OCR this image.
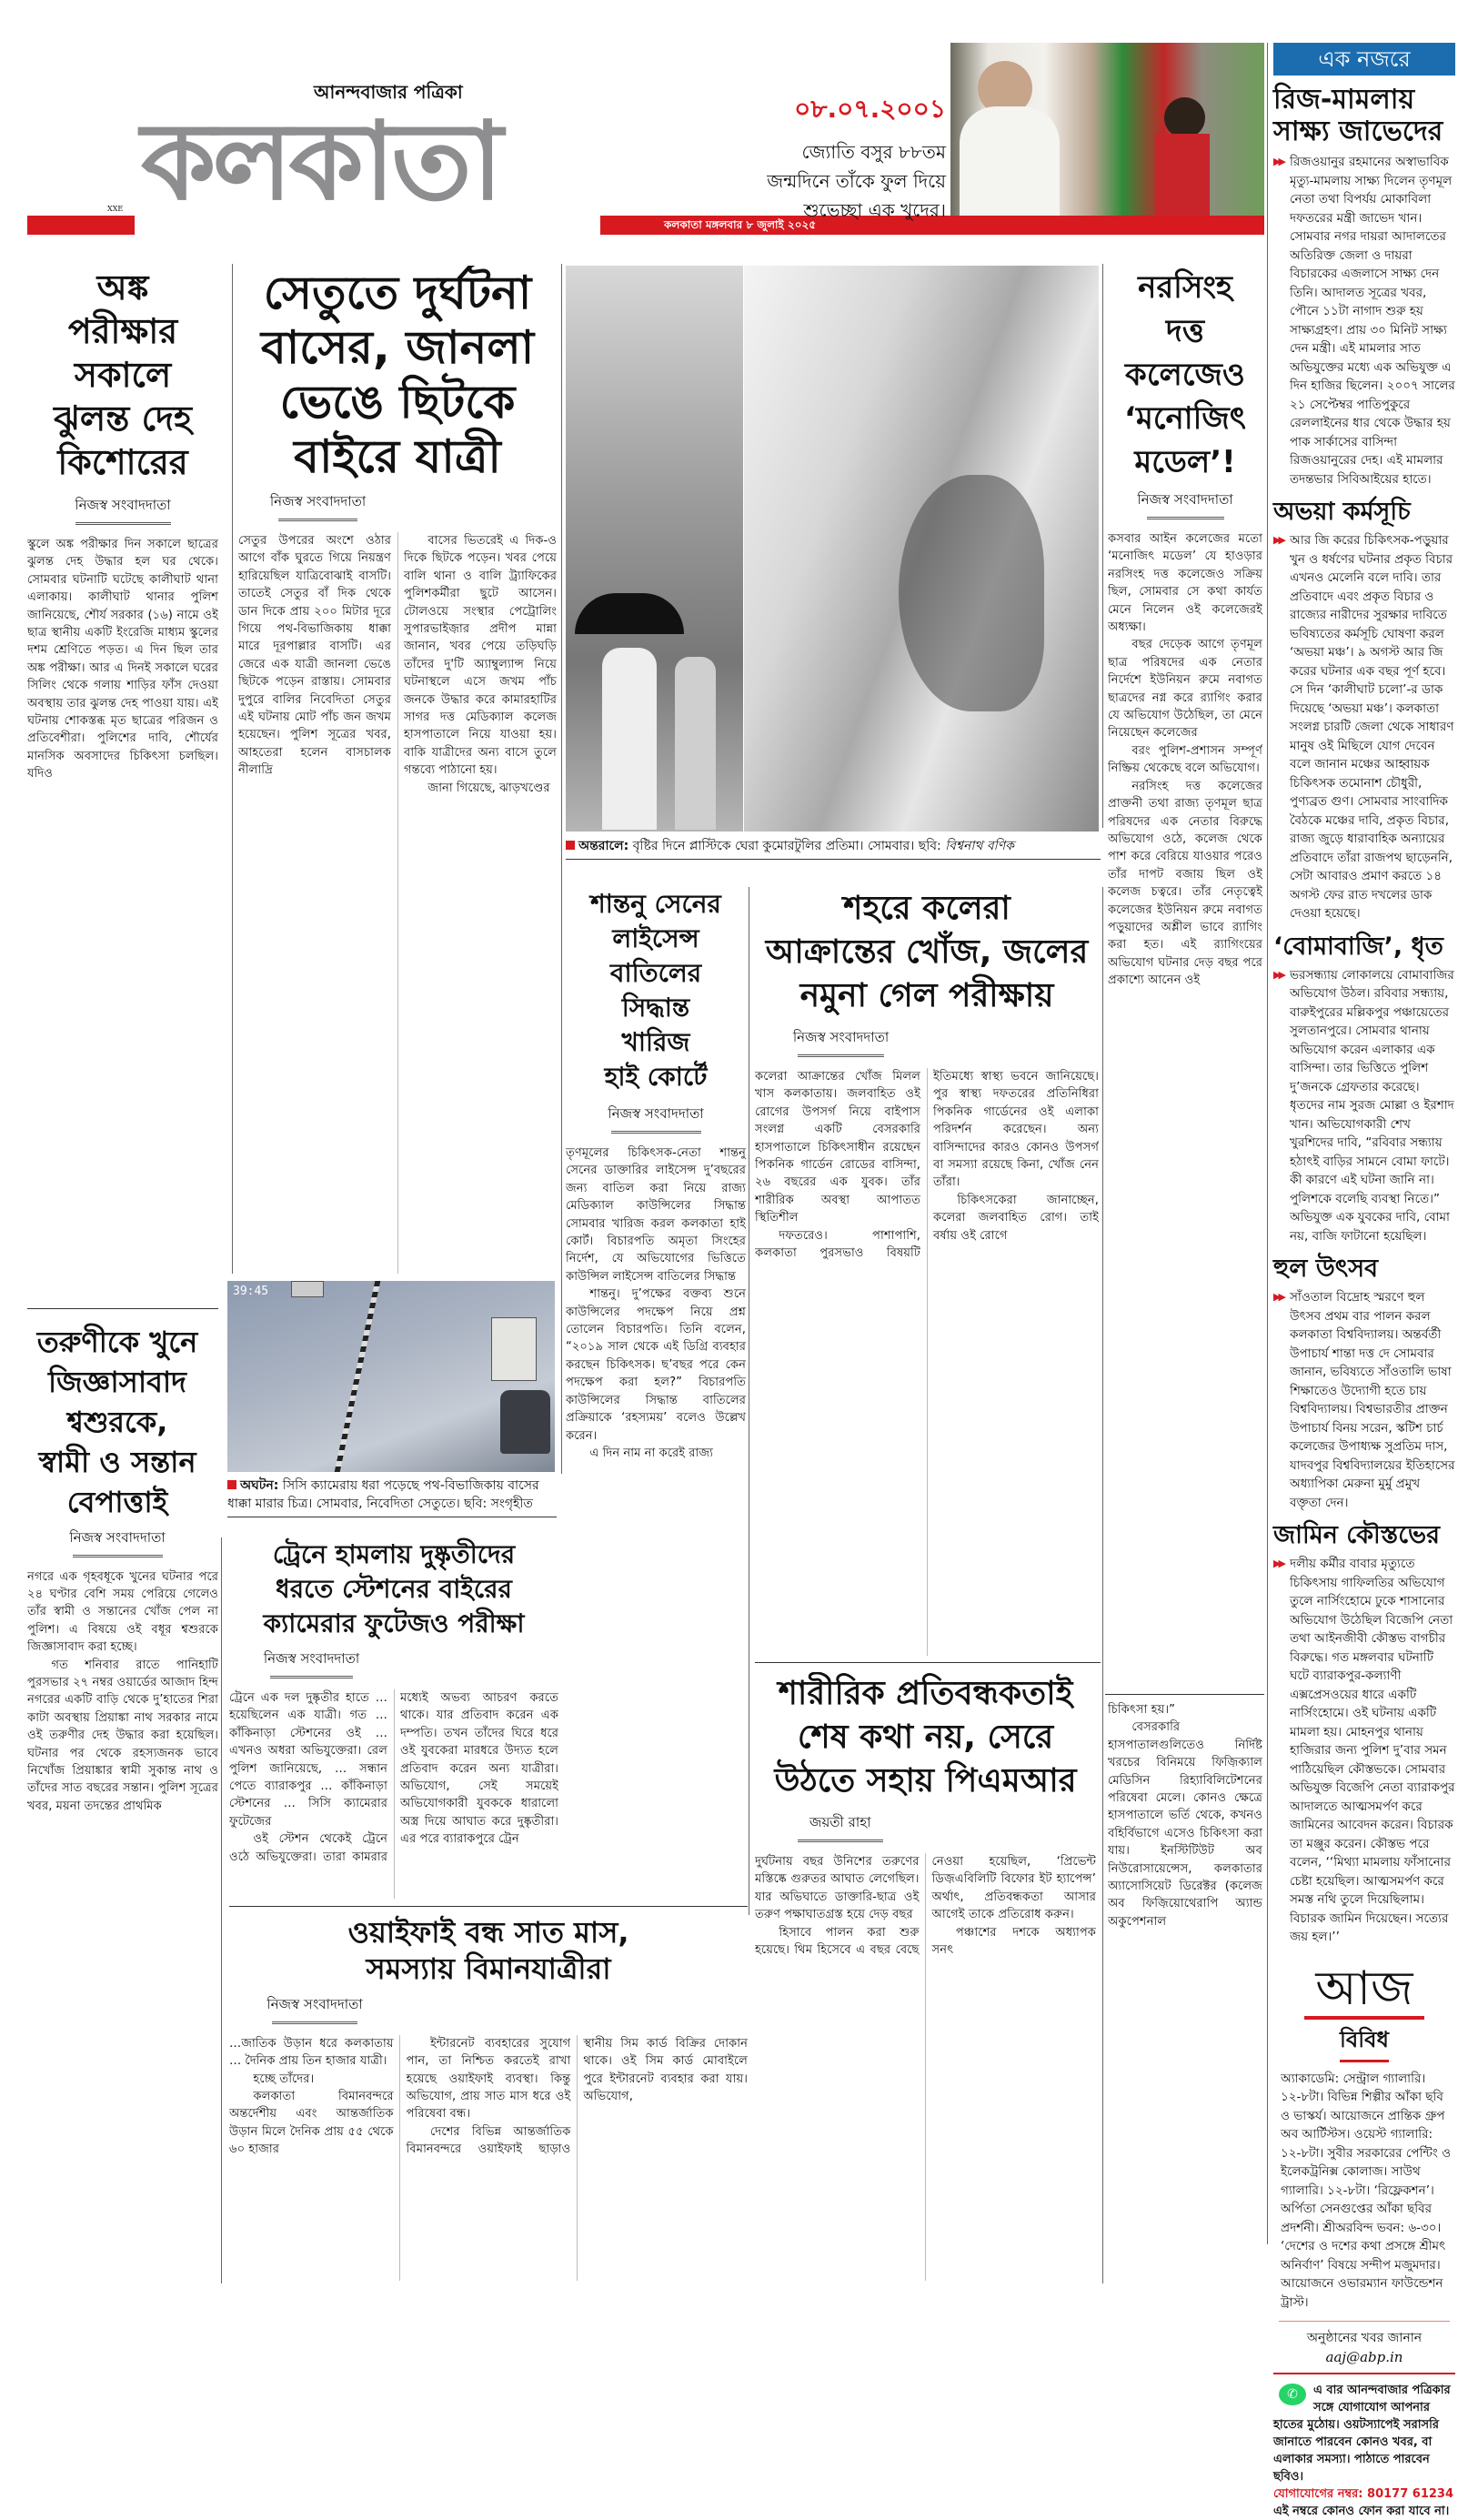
আনন্দবাজার পত্রিকা
কলকাতা
XXE
কলকাতা মঙ্গলবার ৮ জুলাই ২০২৫
০৮.০৭.২০০১
জ্যোতি বসুর ৮৮তম
জন্মদিনে তাঁকে ফুল দিয়ে
শুভেচ্ছা এক খুদের।
অঙ্ক
পরীক্ষার
সকালে
ঝুলন্ত দেহ
কিশোরের
নিজস্ব সংবাদদাতা

স্কুলে অঙ্ক পরীক্ষার দিন সকালে ছাত্রের ঝুলন্ত দেহ উদ্ধার হল ঘর থেকে। সোমবার ঘটনাটি ঘটেছে কালীঘাট থানা এলাকায়। কালীঘাট থানার পুলিশ জানিয়েছে, শৌর্য সরকার (১৬) নামে ওই ছাত্র স্থানীয় একটি ইংরেজি মাধ্যম স্কুলের দশম শ্রেণিতে পড়ত। এ দিন ছিল তার অঙ্ক পরীক্ষা। আর এ দিনই সকালে ঘরের সিলিং থেকে গলায় শাড়ির ফাঁস দেওয়া অবস্থায় তার ঝুলন্ত দেহ পাওয়া যায়। এই ঘটনায় শোকস্তব্ধ মৃত ছাত্রের পরিজন ও প্রতিবেশীরা। পুলিশের দাবি, শৌর্যের মানসিক অবসাদের চিকিৎসা চলছিল। যদিও

তরুণীকে খুনে
জিজ্ঞাসাবাদ
শ্বশুরকে,
স্বামী ও সন্তান
বেপাত্তাই
নিজস্ব সংবাদদাতা

নগরে এক গৃহবধূকে খুনের ঘটনার পরে ২৪ ঘণ্টার বেশি সময় পেরিয়ে গেলেও তাঁর স্বামী ও সন্তানের খোঁজ পেল না পুলিশ। এ বিষয়ে ওই বধূর শ্বশুরকে জিজ্ঞাসাবাদ করা হচ্ছে।

গত শনিবার রাতে পানিহাটি পুরসভার ২৭ নম্বর ওয়ার্ডের আজাদ হিন্দ নগরের একটি বাড়ি থেকে দু’হাতের শিরা কাটা অবস্থায় প্রিয়াঙ্কা নাথ সরকার নামে ওই তরুণীর দেহ উদ্ধার করা হয়েছিল। ঘটনার পর থেকে রহস্যজনক ভাবে নিখোঁজ প্রিয়াঙ্কার স্বামী সুকান্ত নাথ ও তাঁদের সাত বছরের সন্তান। পুলিশ সূত্রের খবর, ময়না তদন্তের প্রাথমিক

সেতুতে দুর্ঘটনা
বাসের, জানলা
ভেঙে ছিটকে
বাইরে যাত্রী
নিজস্ব সংবাদদাতা

সেতুর উপরের অংশে ওঠার আগে বাঁক ঘুরতে গিয়ে নিয়ন্ত্রণ হারিয়েছিল যাত্রিবোঝাই বাসটি। তাতেই সেতুর বাঁ দিক থেকে ডান দিকে প্রায় ২০০ মিটার দূরে গিয়ে পথ-বিভাজিকায় ধাক্কা মারে দূরপাল্লার বাসটি। এর জেরে এক যাত্রী জানলা ভেঙে ছিটকে পড়েন রাস্তায়। সোমবার দুপুরে বালির নিবেদিতা সেতুর এই ঘটনায় মোট পাঁচ জন জখম হয়েছেন। পুলিশ সূত্রের খবর, আহতেরা হলেন বাসচালক নীলাদ্রি

বাসের ভিতরেই এ দিক-ও দিকে ছিটকে পড়েন। খবর পেয়ে বালি থানা ও বালি ট্র্যাফিকের পুলিশকর্মীরা ছুটে আসেন। টোলওয়ে সংস্থার পেট্রোলিং সুপারভাইজ়ার প্রদীপ মান্না জানান, খবর পেয়ে তড়িঘড়ি তাঁদের দু'টি অ্যাম্বুল্যান্স নিয়ে ঘটনাস্থলে এসে জখম পাঁচ জনকে উদ্ধার করে কামারহাটির সাগর দত্ত মেডিক্যাল কলেজ হাসপাতালে নিয়ে যাওয়া হয়। বাকি যাত্রীদের অন্য বাসে তুলে গন্তব্যে পাঠানো হয়।

জানা গিয়েছে, ঝাড়খণ্ডের

39:45
অঘটন: সিসি ক্যামেরায় ধরা পড়েছে পথ-বিভাজিকায় বাসের ধাক্কা মারার চিত্র। সোমবার, নিবেদিতা সেতুতে। ছবি: সংগৃহীত
ট্রেনে হামলায় দুষ্কৃতীদের
ধরতে স্টেশনের বাইরের
ক্যামেরার ফুটেজও পরীক্ষা
নিজস্ব সংবাদদাতা

ট্রেনে এক দল দুষ্কৃতীর হাতে … হয়েছিলেন এক যাত্রী। গত … কাঁকিনাড়া স্টেশনের ওই … এখনও অধরা অভিযুক্তেরা। রেল পুলিশ জানিয়েছে, … সন্ধান পেতে ব্যারাকপুর … কাঁকিনাড়া স্টেশনের … সিসি ক্যামেরার ফুটেজের

ওই স্টেশন থেকেই ট্রেনে ওঠে অভিযুক্তেরা। তারা কামরার মধ্যেই অভব্য আচরণ করতে থাকে। যার প্রতিবাদ করেন এক দম্পতি। তখন তাঁদের ঘিরে ধরে ওই যুবকেরা মারধরে উদ্যত হলে প্রতিবাদ করেন অন্য যাত্রীরা। অভিযোগ, সেই সময়েই অভিযোগকারী যুবককে ধারালো অস্ত্র দিয়ে আঘাত করে দুষ্কৃতীরা। এর পরে ব্যারাকপুরে ট্রেন

ওয়াইফাই বন্ধ সাত মাস,
সমস্যায় বিমানযাত্রীরা
নিজস্ব সংবাদদাতা

…জাতিক উড়ান ধরে কলকাতায় … দৈনিক প্রায় তিন হাজার যাত্রী।

হচ্ছে তাঁদের।

কলকাতা বিমানবন্দরে অন্তর্দেশীয় এবং আন্তর্জাতিক উড়ান মিলে দৈনিক প্রায় ৫৫ থেকে ৬০ হাজার

ইন্টারনেট ব্যবহারের সুযোগ পান, তা নিশ্চিত করতেই রাখা হয়েছে ওয়াইফাই ব্যবস্থা। কিন্তু অভিযোগ, প্রায় সাত মাস ধরে ওই পরিষেবা বন্ধ।

দেশের বিভিন্ন আন্তর্জাতিক বিমানবন্দরে ওয়াইফাই ছাড়াও স্থানীয় সিম কার্ড বিক্রির দোকান থাকে। ওই সিম কার্ড মোবাইলে পুরে ইন্টারনেট ব্যবহার করা যায়। অভিযোগ,

অন্তরালে: বৃষ্টির দিনে প্লাস্টিকে ঘেরা কুমোরটুলির প্রতিমা। সোমবার। ছবি: বিশ্বনাথ বণিক
শান্তনু সেনের
লাইসেন্স
বাতিলের
সিদ্ধান্ত
খারিজ
হাই কোর্টে
নিজস্ব সংবাদদাতা

তৃণমূলের চিকিৎসক-নেতা শান্তনু সেনের ডাক্তারির লাইসেন্স দু’বছরের জন্য বাতিল করা নিয়ে রাজ্য মেডিক্যাল কাউন্সিলের সিদ্ধান্ত সোমবার খারিজ করল কলকাতা হাই কোর্ট। বিচারপতি অমৃতা সিংহের নির্দেশ, যে অভিযোগের ভিত্তিতে কাউন্সিল লাইসেন্স বাতিলের সিদ্ধান্ত

শান্তনু। দু’পক্ষের বক্তব্য শুনে কাউন্সিলের পদক্ষেপ নিয়ে প্রশ্ন তোলেন বিচারপতি। তিনি বলেন, “২০১৯ সাল থেকে এই ডিগ্রি ব্যবহার করছেন চিকিৎসক। ছ’বছর পরে কেন পদক্ষেপ করা হল?” বিচারপতি কাউন্সিলের সিদ্ধান্ত বাতিলের প্রক্রিয়াকে ‘রহস্যময়’ বলেও উল্লেখ করেন।

এ দিন নাম না করেই রাজ্য

শহরে কলেরা
আক্রান্তের খোঁজ, জলের
নমুনা গেল পরীক্ষায়
নিজস্ব সংবাদদাতা

কলেরা আক্রান্তের খোঁজ মিলল খাস কলকাতায়। জলবাহিত ওই রোগের উপসর্গ নিয়ে বাইপাস সংলগ্ন একটি বেসরকারি হাসপাতালে চিকিৎসাধীন রয়েছেন পিকনিক গার্ডেন রোডের বাসিন্দা, ২৬ বছরের এক যুবক। তাঁর শারীরিক অবস্থা আপাতত স্থিতিশীল

দফতরেও। পাশাপাশি, কলকাতা পুরসভাও বিষয়টি ইতিমধ্যে স্বাস্থ্য ভবনে জানিয়েছে। পুর স্বাস্থ্য দফতরের প্রতিনিধিরা পিকনিক গার্ডেনের ওই এলাকা পরিদর্শন করেছেন। অন্য বাসিন্দাদের কারও কোনও উপসর্গ বা সমস্যা রয়েছে কিনা, খোঁজ নেন তাঁরা।

চিকিৎসকেরা জানাচ্ছেন, কলেরা জলবাহিত রোগ। তাই বর্ষায় ওই রোগে

নরসিংহ
দত্ত
কলেজেও
‘মনোজিৎ
মডেল’!
নিজস্ব সংবাদদাতা

কসবার আইন কলেজের মতো ‘মনোজিৎ মডেল’ যে হাওড়ার নরসিংহ দত্ত কলেজেও সক্রিয় ছিল, সোমবার সে কথা কার্যত মেনে নিলেন ওই কলেজেরই অধ্যক্ষা।

বছর দেড়েক আগে তৃণমূল ছাত্র পরিষদের এক নেতার নির্দেশে ইউনিয়ন রুমে নবাগত ছাত্রদের নগ্ন করে র‍্যাগিং করার যে অভিযোগ উঠেছিল, তা মেনে নিয়েছেন কলেজের

বরং পুলিশ-প্রশাসন সম্পূর্ণ নিষ্ক্রিয় থেকেছে বলে অভিযোগ।

নরসিংহ দত্ত কলেজের প্রাক্তনী তথা রাজ্য তৃণমূল ছাত্র পরিষদের এক নেতার বিরুদ্ধে অভিযোগ ওঠে, কলেজ থেকে পাশ করে বেরিয়ে যাওয়ার পরেও তাঁর দাপট বজায় ছিল ওই কলেজ চত্বরে। তাঁর নেতৃত্বেই কলেজের ইউনিয়ন রুমে নবাগত পড়ুয়াদের অশ্লীল ভাবে র‍্যাগিং করা হত। এই র‍্যাগিংয়ের অভিযোগ ঘটনার দেড় বছর পরে প্রকাশ্যে আনেন ওই

শারীরিক প্রতিবন্ধকতাই
শেষ কথা নয়, সেরে
উঠতে সহায় পিএমআর
জয়তী রাহা

দুর্ঘটনায় বছর উনিশের তরুণের মস্তিষ্কে গুরুতর আঘাত লেগেছিল। যার অভিঘাতে ডাক্তারি-ছাত্র ওই তরুণ পক্ষাঘাতগ্রস্ত হয়ে দেড় বছর

হিসাবে পালন করা শুরু হয়েছে। থিম হিসেবে এ বছর বেছে নেওয়া হয়েছিল, ‘প্রিভেন্ট ডিজ়এবিলিটি বিফোর ইট হ্যাপেন্স’ অর্থাৎ, প্রতিবন্ধকতা আসার আগেই তাকে প্রতিরোধ করুন।

পঞ্চাশের দশকে অধ্যাপক সনৎ

চিকিৎসা হয়।”

বেসরকারি হাসপাতালগুলিতেও নির্দিষ্ট খরচের বিনিময়ে ফিজ়িক্যাল মেডিসিন রিহ্যাবিলিটেশনের পরিষেবা মেলে। কোনও ক্ষেত্রে হাসপাতালে ভর্তি থেকে, কখনও বহির্বিভাগে এসেও চিকিৎসা করা যায়। ইনস্টিটিউট অব নিউরোসায়েন্সেস, কলকাতার অ্যাসোসিয়েট ডিরেক্টর (কলেজ অব ফিজ়িয়োথেরাপি অ্যান্ড অকুপেশনাল

এক নজরে
রিজ-মামলায় সাক্ষ্য জাভেদের

▶▶ রিজওয়ানুর রহমানের অস্বাভাবিক মৃত্যু-মামলায় সাক্ষ্য দিলেন তৃণমূল নেতা তথা বিপর্যয় মোকাবিলা দফতরের মন্ত্রী জাভেদ খান। সোমবার নগর দায়রা আদালতের অতিরিক্ত জেলা ও দায়রা বিচারকের এজলাসে সাক্ষ্য দেন তিনি। আদালত সূত্রের খবর, পৌনে ১১টা নাগাদ শুরু হয় সাক্ষ্যগ্রহণ। প্রায় ৩০ মিনিট সাক্ষ্য দেন মন্ত্রী। এই মামলার সাত অভিযুক্তের মধ্যে এক অভিযুক্ত এ দিন হাজির ছিলেন। ২০০৭ সালের ২১ সেপ্টেম্বর পাতিপুকুরে রেললাইনের ধার থেকে উদ্ধার হয় পাক সার্কাসের বাসিন্দা রিজওয়ানুরের দেহ। এই মামলার তদন্তভার সিবিআইয়ের হাতে।

অভয়া কর্মসূচি

▶▶ আর জি করের চিকিৎসক-পড়ুয়ার খুন ও ধর্ষণের ঘটনার প্রকৃত বিচার এখনও মেলেনি বলে দাবি। তার প্রতিবাদে এবং প্রকৃত বিচার ও রাজ্যের নারীদের সুরক্ষার দাবিতে ভবিষ্যতের কর্মসূচি ঘোষণা করল ‘অভয়া মঞ্চ’। ৯ অগস্ট আর জি করের ঘটনার এক বছর পূর্ণ হবে। সে দিন ‘কালীঘাট চলো’-র ডাক দিয়েছে ‘অভয়া মঞ্চ’। কলকাতা সংলগ্ন চারটি জেলা থেকে সাধারণ মানুষ ওই মিছিলে যোগ দেবেন বলে জানান মঞ্চের আহ্বায়ক চিকিৎসক তমোনাশ চৌধুরী, পুণ্যব্রত গুণ। সোমবার সাংবাদিক বৈঠকে মঞ্চের দাবি, প্রকৃত বিচার, রাজ্য জুড়ে ধারাবাহিক অন্যায়ের প্রতিবাদে তাঁরা রাজপথ ছাড়েননি, সেটা আবারও প্রমাণ করতে ১৪ অগস্ট ফের রাত দখলের ডাক দেওয়া হয়েছে।

‘বোমাবাজি’, ধৃত

▶▶ ভরসন্ধ্যায় লোকালয়ে বোমাবাজির অভিযোগ উঠল। রবিবার সন্ধ্যায়, বারুইপুরের মল্লিকপুর পঞ্চায়েতের সুলতানপুরে। সোমবার থানায় অভিযোগ করেন এলাকার এক বাসিন্দা। তার ভিত্তিতে পুলিশ দু’জনকে গ্রেফতার করেছে। ধৃতদের নাম সুরজ মোল্লা ও ইরশাদ খান। অভিযোগকারী শেখ খুরশিদের দাবি, “রবিবার সন্ধ্যায় হঠাৎই বাড়ির সামনে বোমা ফাটে। কী কারণে এই ঘটনা জানি না। পুলিশকে বলেছি ব্যবস্থা নিতে।” অভিযুক্ত এক যুবকের দাবি, বোমা নয়, বাজি ফাটানো হয়েছিল।

হুল উৎসব

▶▶ সাঁওতাল বিদ্রোহ স্মরণে হুল উৎসব প্রথম বার পালন করল কলকাতা বিশ্ববিদ্যালয়। অন্তর্বর্তী উপাচার্য শান্তা দত্ত দে সোমবার জানান, ভবিষ্যতে সাঁওতালি ভাষা শিক্ষাতেও উদ্যোগী হতে চায় বিশ্ববিদ্যালয়। বিশ্বভারতীর প্রাক্তন উপাচার্য বিনয় সরেন, স্কটিশ চার্চ কলেজের উপাধ্যক্ষ সুপ্রতিম দাস, যাদবপুর বিশ্ববিদ্যালয়ের ইতিহাসের অধ্যাপিকা মেরুনা মুর্মু প্রমুখ বক্তৃতা দেন।

জামিন কৌস্তভের

▶▶ দলীয় কর্মীর বাবার মৃত্যুতে চিকিৎসায় গাফিলতির অভিযোগ তুলে নার্সিংহোমে ঢুকে শাসানোর অভিযোগ উঠেছিল বিজেপি নেতা তথা আইনজীবী কৌস্তভ বাগচীর বিরুদ্ধে। গত মঙ্গলবার ঘটনাটি ঘটে ব্যারাকপুর-কল্যাণী এক্সপ্রেসওয়ের ধারে একটি নার্সিংহোমে। ওই ঘটনায় একটি মামলা হয়। মোহনপুর থানায় হাজিরার জন্য পুলিশ দু’বার সমন পাঠিয়েছিল কৌস্তভকে। সোমবার অভিযুক্ত বিজেপি নেতা ব্যারাকপুর আদালতে আত্মসমর্পণ করে জামিনের আবেদন করেন। বিচারক তা মঞ্জুর করেন। কৌস্তভ পরে বলেন, ‘‘মিথ্যা মামলায় ফাঁসানোর চেষ্টা হয়েছিল। আত্মসমর্পণ করে সমস্ত নথি তুলে দিয়েছিলাম। বিচারক জামিন দিয়েছেন। সত্যের জয় হল।’’

আজ
বিবিধ
অ্যাকাডেমি: সেন্ট্রাল গ্যালারি। ১২-৮টা। বিভিন্ন শিল্পীর আঁকা ছবি ও ভাস্কর্য। আয়োজনে প্রান্তিক গ্রুপ অব আর্টিস্টস। ওয়েস্ট গ্যালারি: ১২-৮টা। সুবীর সরকারের পেন্টিং ও ইলেকট্রনিক্স কোলাজ। সাউথ গ্যালারি। ১২-৮টা। ‘রিফ্লেকশন’। অর্পিতা সেনগুপ্তের আঁকা ছবির প্রদর্শনী। শ্রীঅরবিন্দ ভবন: ৬-৩০। ‘দেশের ও দশের কথা প্রসঙ্গে শ্রীমৎ অনির্বাণ’ বিষয়ে সন্দীপ মজুমদার। আয়োজনে ওভারম্যান ফাউন্ডেশন ট্রাস্ট।
অনুষ্ঠানের খবর জানান
aaj@abp.in
✆	এ বার আনন্দবাজার পত্রিকার সঙ্গে যোগাযোগ আপনার হাতের মুঠোয়। ওয়টস্যাপেই সরাসরি জানাতে পারবেন কোনও খবর, বা এলাকার সমস্যা। পাঠাতে পারবেন ছবিও।
যোগাযোগের নম্বর: 80177 61234
এই নম্বরে কোনও ফোন করা যাবে না।
